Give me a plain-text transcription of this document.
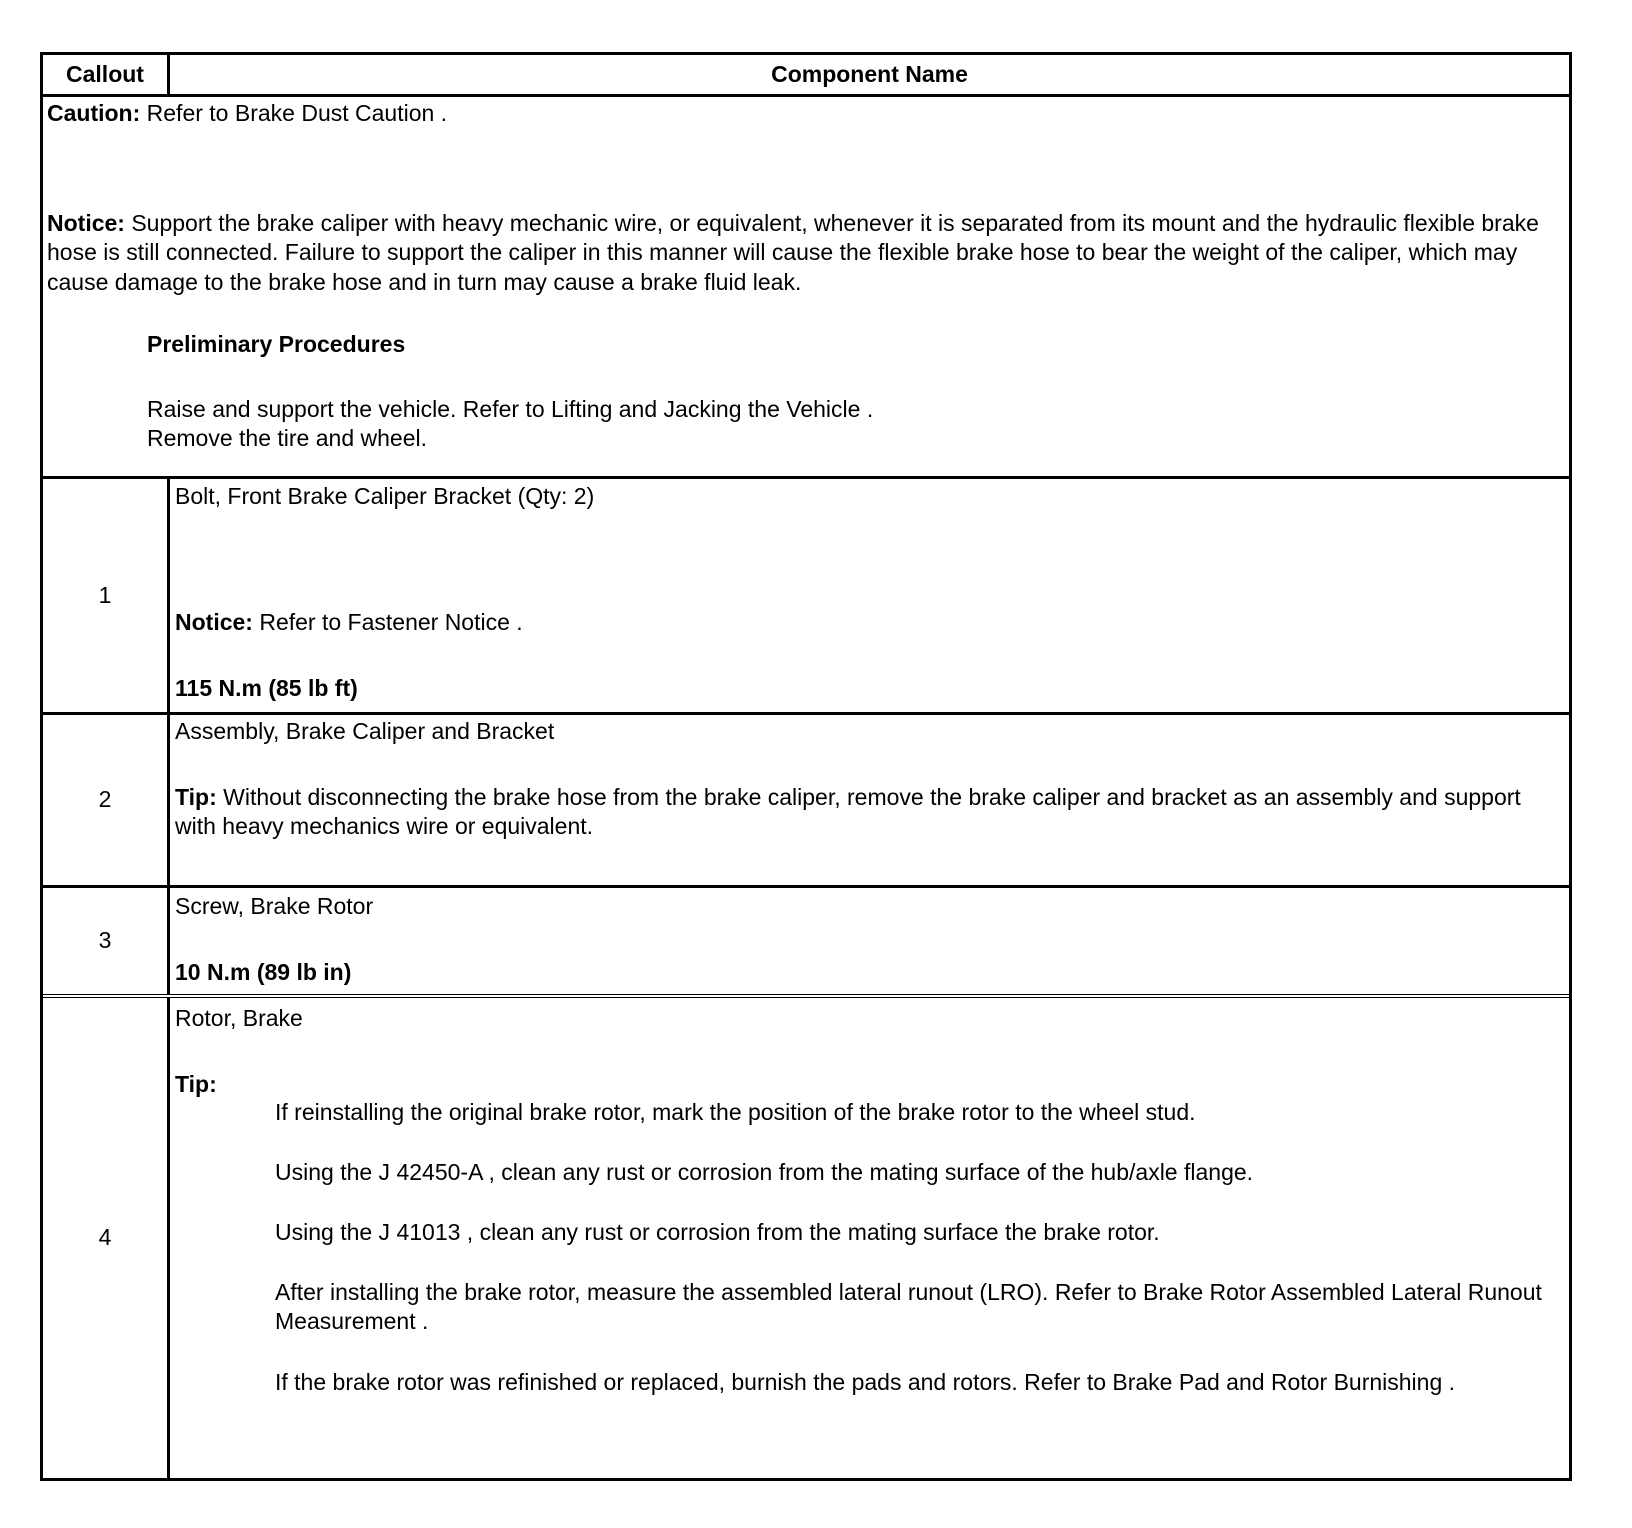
Callout	Component Name
Caution: Refer to Brake Dust Caution .
Notice: Support the brake caliper with heavy mechanic wire, or equivalent, whenever it is separated from its mount and the hydraulic flexible brake hose is still connected. Failure to support the caliper in this manner will cause the flexible brake hose to bear the weight of the caliper, which may cause damage to the brake hose and in turn may cause a brake fluid leak.
Preliminary Procedures
Raise and support the vehicle. Refer to Lifting and Jacking the Vehicle .
Remove the tire and wheel.
1
Bolt, Front Brake Caliper Bracket (Qty: 2)
Notice: Refer to Fastener Notice .
115 N.m (85 lb ft)
2
Assembly, Brake Caliper and Bracket
Tip: Without disconnecting the brake hose from the brake caliper, remove the brake caliper and bracket as an assembly and support with heavy mechanics wire or equivalent.
3
Screw, Brake Rotor
10 N.m (89 lb in)
4
Rotor, Brake
Tip:
If reinstalling the original brake rotor, mark the position of the brake rotor to the wheel stud.
Using the J 42450-A , clean any rust or corrosion from the mating surface of the hub/axle flange.
Using the J 41013 , clean any rust or corrosion from the mating surface the brake rotor.
After installing the brake rotor, measure the assembled lateral runout (LRO). Refer to Brake Rotor Assembled Lateral Runout Measurement .
If the brake rotor was refinished or replaced, burnish the pads and rotors. Refer to Brake Pad and Rotor Burnishing .
